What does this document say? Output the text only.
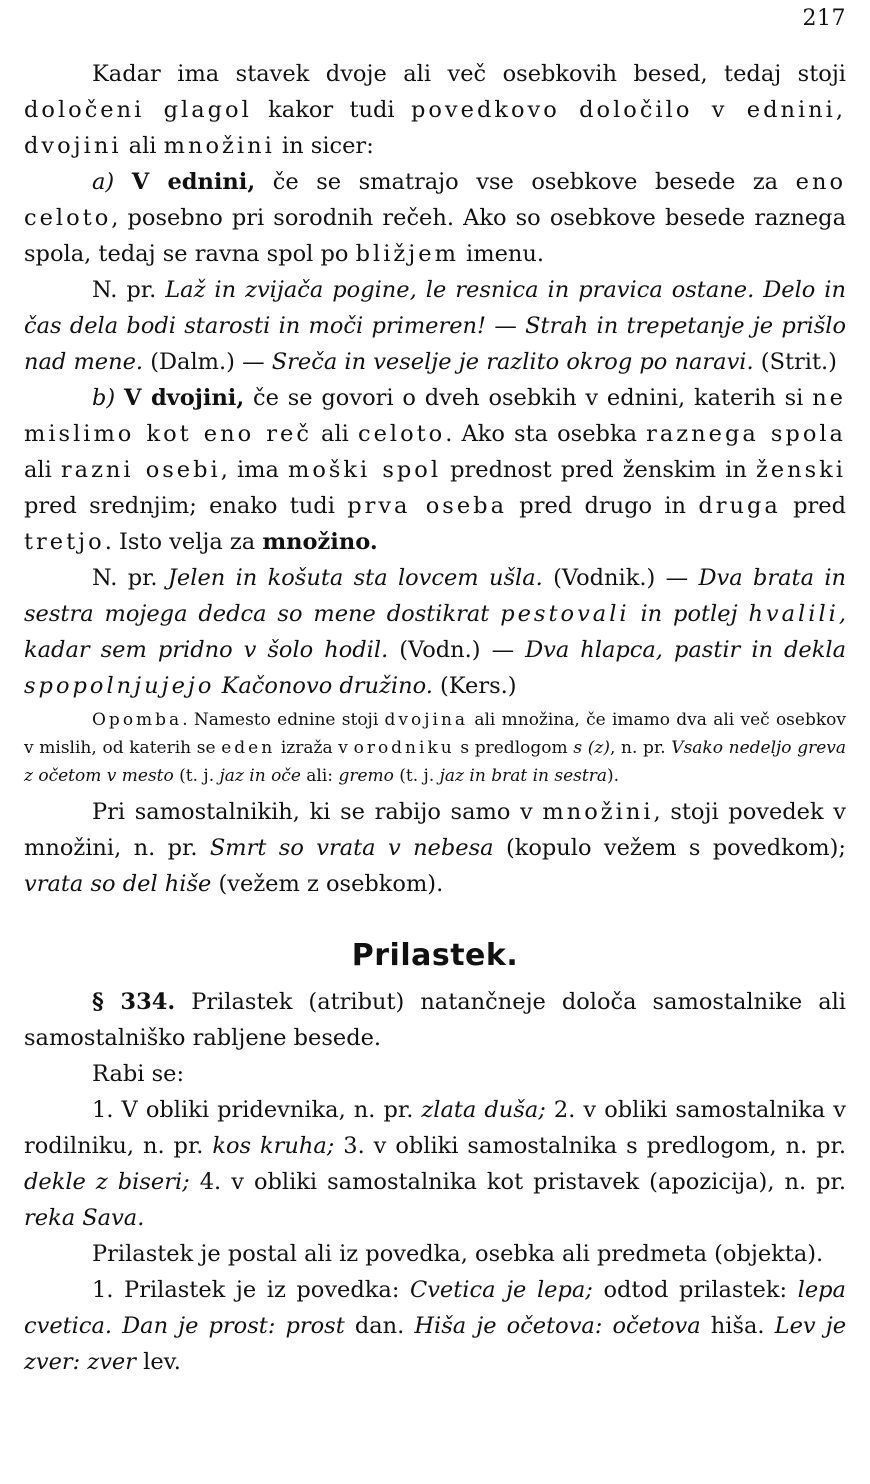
217

Kadar ima stavek dvoje ali več osebkovih besed, tedaj stoji določeni glagol kakor tudi povedkovo določilo v ednini, dvojini ali množini in sicer:

a) V ednini, če se smatrajo vse osebkove besede za eno celoto, posebno pri sorodnih rečeh. Ako so osebkove besede raznega spola, tedaj se ravna spol po bližjem imenu.

N. pr. Laž in zvijača pogine, le resnica in pravica ostane. Delo in čas dela bodi starosti in moči primeren! — Strah in trepetanje je prišlo nad mene. (Dalm.) — Sreča in veselje je razlito okrog po naravi. (Strit.)

b) V dvojini, če se govori o dveh osebkih v ednini, katerih si ne mislimo kot eno reč ali celoto. Ako sta osebka raznega spola ali razni osebi, ima moški spol prednost pred ženskim in ženski pred srednjim; enako tudi prva oseba pred drugo in druga pred tretjo. Isto velja za množino.

N. pr. Jelen in košuta sta lovcem ušla. (Vodnik.) — Dva brata in sestra mojega dedca so mene dostikrat pestovali in potlej hvalili, kadar sem pridno v šolo hodil. (Vodn.) — Dva hlapca, pastir in dekla spopolnjujejo Kačonovo družino. (Kers.)

Opomba. Namesto ednine stoji dvojina ali množina, če imamo dva ali več osebkov v mislih, od katerih se eden izraža v orodniku s predlogom s (z), n. pr. Vsako nedeljo greva z očetom v mesto (t. j. jaz in oče ali: gremo (t. j. jaz in brat in sestra).

Pri samostalnikih, ki se rabijo samo v množini, stoji povedek v množini, n. pr. Smrt so vrata v nebesa (kopulo vežem s povedkom); vrata so del hiše (vežem z osebkom).

Prilastek.

§ 334. Prilastek (atribut) natančneje določa samostalnike ali samostalniško rabljene besede.

Rabi se:

1. V obliki pridevnika, n. pr. zlata duša; 2. v obliki samostalnika v rodilniku, n. pr. kos kruha; 3. v obliki samostalnika s predlogom, n. pr. dekle z biseri; 4. v obliki samostalnika kot pristavek (apozicija), n. pr. reka Sava.

Prilastek je postal ali iz povedka, osebka ali predmeta (objekta).

1. Prilastek je iz povedka: Cvetica je lepa; odtod prilastek: lepa cvetica. Dan je prost: prost dan. Hiša je očetova: očetova hiša. Lev je zver: zver lev.
